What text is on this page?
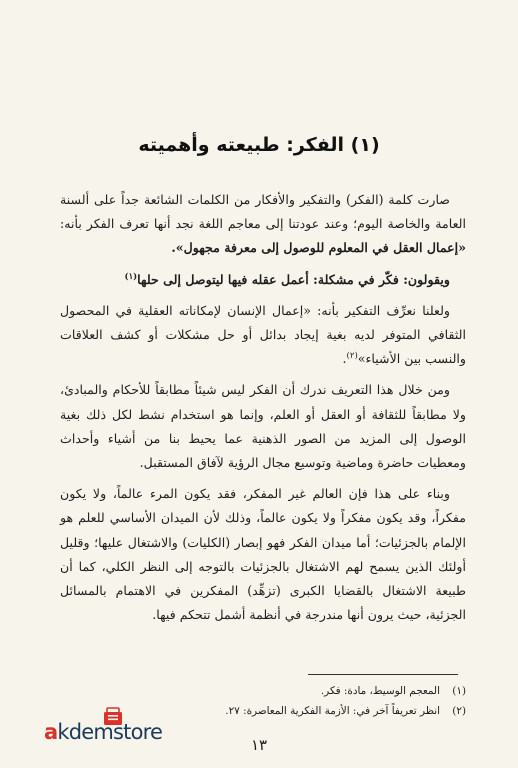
(١) الفكر: طبيعته وأهميته

صارت كلمة (الفكر) والتفكير والأفكار من الكلمات الشائعة جداً على ألسنة العامة والخاصة اليوم؛ وعند عودتنا إلى معاجم اللغة نجد أنها تعرف الفكر بأنه: «إعمال العقل في المعلوم للوصول إلى معرفة مجهول».

ويقولون: فكّر في مشكلة: أعمل عقله فيها ليتوصل إلى حلها$^{(١)}$

ولعلنا نعرِّف التفكير بأنه: «إعمال الإنسان لإمكاناته العقلية في المحصول الثقافي المتوفر لديه بغية إيجاد بدائل أو حل مشكلات أو كشف العلاقات والنسب بين الأشياء»$^{(٢)}$.

ومن خلال هذا التعريف ندرك أن الفكر ليس شيئاً مطابقاً للأحكام والمبادئ، ولا مطابقاً للثقافة أو العقل أو العلم، وإنما هو استخدام نشط لكل ذلك بغية الوصول إلى المزيد من الصور الذهنية عما يحيط بنا من أشياء وأحداث ومعطيات حاضرة وماضية وتوسيع مجال الرؤية لآفاق المستقبل.

وبناء على هذا فإن العالم غير المفكر، فقد يكون المرء عالماً، ولا يكون مفكراً، وقد يكون مفكراً ولا يكون عالماً، وذلك لأن الميدان الأساسي للعلم هو الإلمام بالجزئيات؛ أما ميدان الفكر فهو إبصار (الكليات) والاشتغال عليها؛ وقليل أولئك الذين يسمح لهم الاشتغال بالجزئيات بالتوجه إلى النظر الكلي، كما أن طبيعة الاشتغال بالقضايا الكبرى (تزهِّد) المفكرين في الاهتمام بالمسائل الجزئية، حيث يرون أنها مندرجة في أنظمة أشمل تتحكم فيها.

(١)المعجم الوسيط، مادة: فكر.
(٢)انظر تعريفاً آخر في: الأزمة الفكرية المعاصرة: ٢٧.
akdemstore
١٣
